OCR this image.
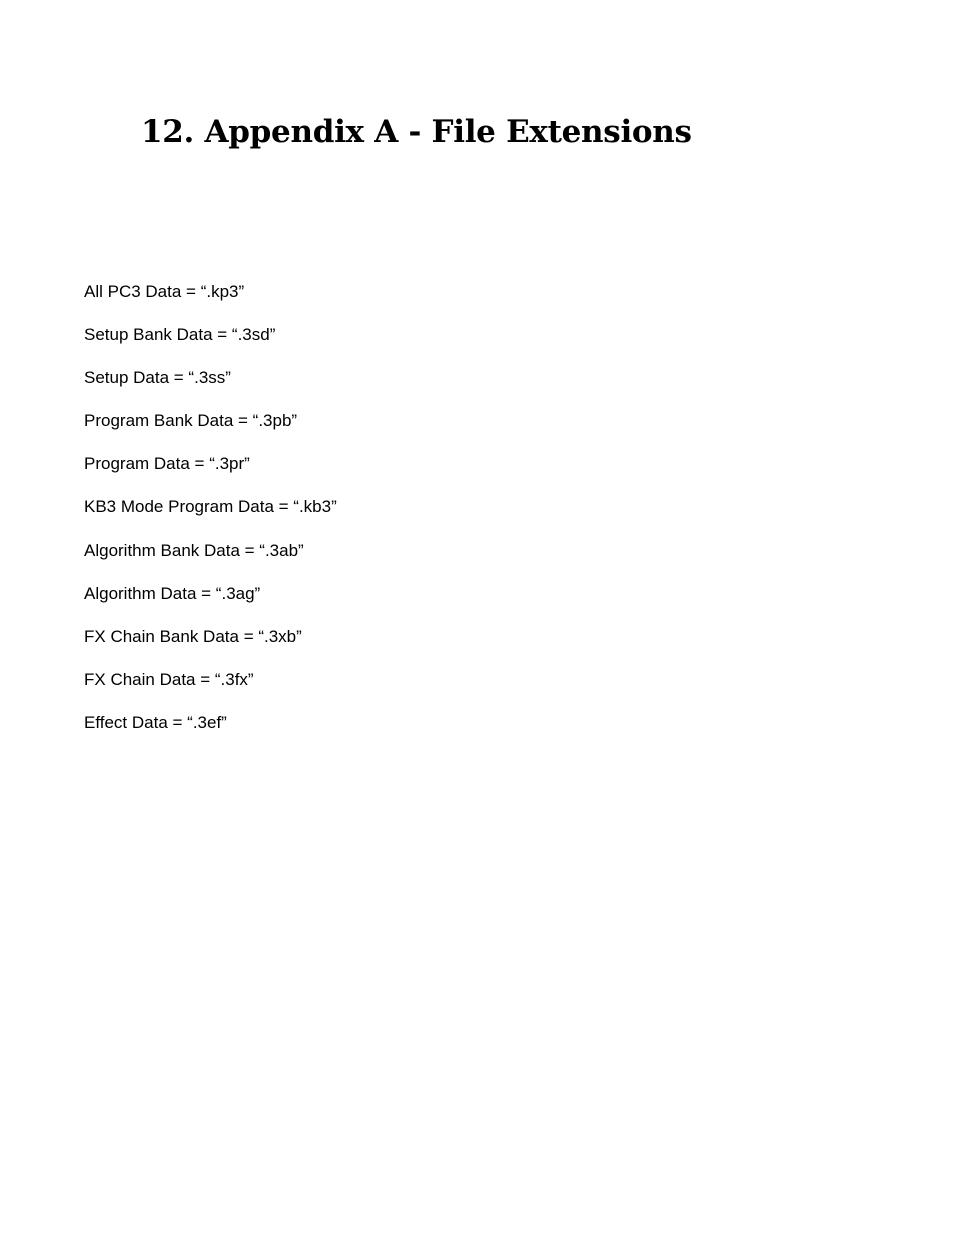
12. Appendix A - File Extensions
All PC3 Data = “.kp3”
Setup Bank Data = “.3sd”
Setup Data = “.3ss”
Program Bank Data = “.3pb”
Program Data = “.3pr”
KB3 Mode Program Data = “.kb3”
Algorithm Bank Data = “.3ab”
Algorithm Data = “.3ag”
FX Chain Bank Data = “.3xb”
FX Chain Data = “.3fx”
Effect Data = “.3ef”
